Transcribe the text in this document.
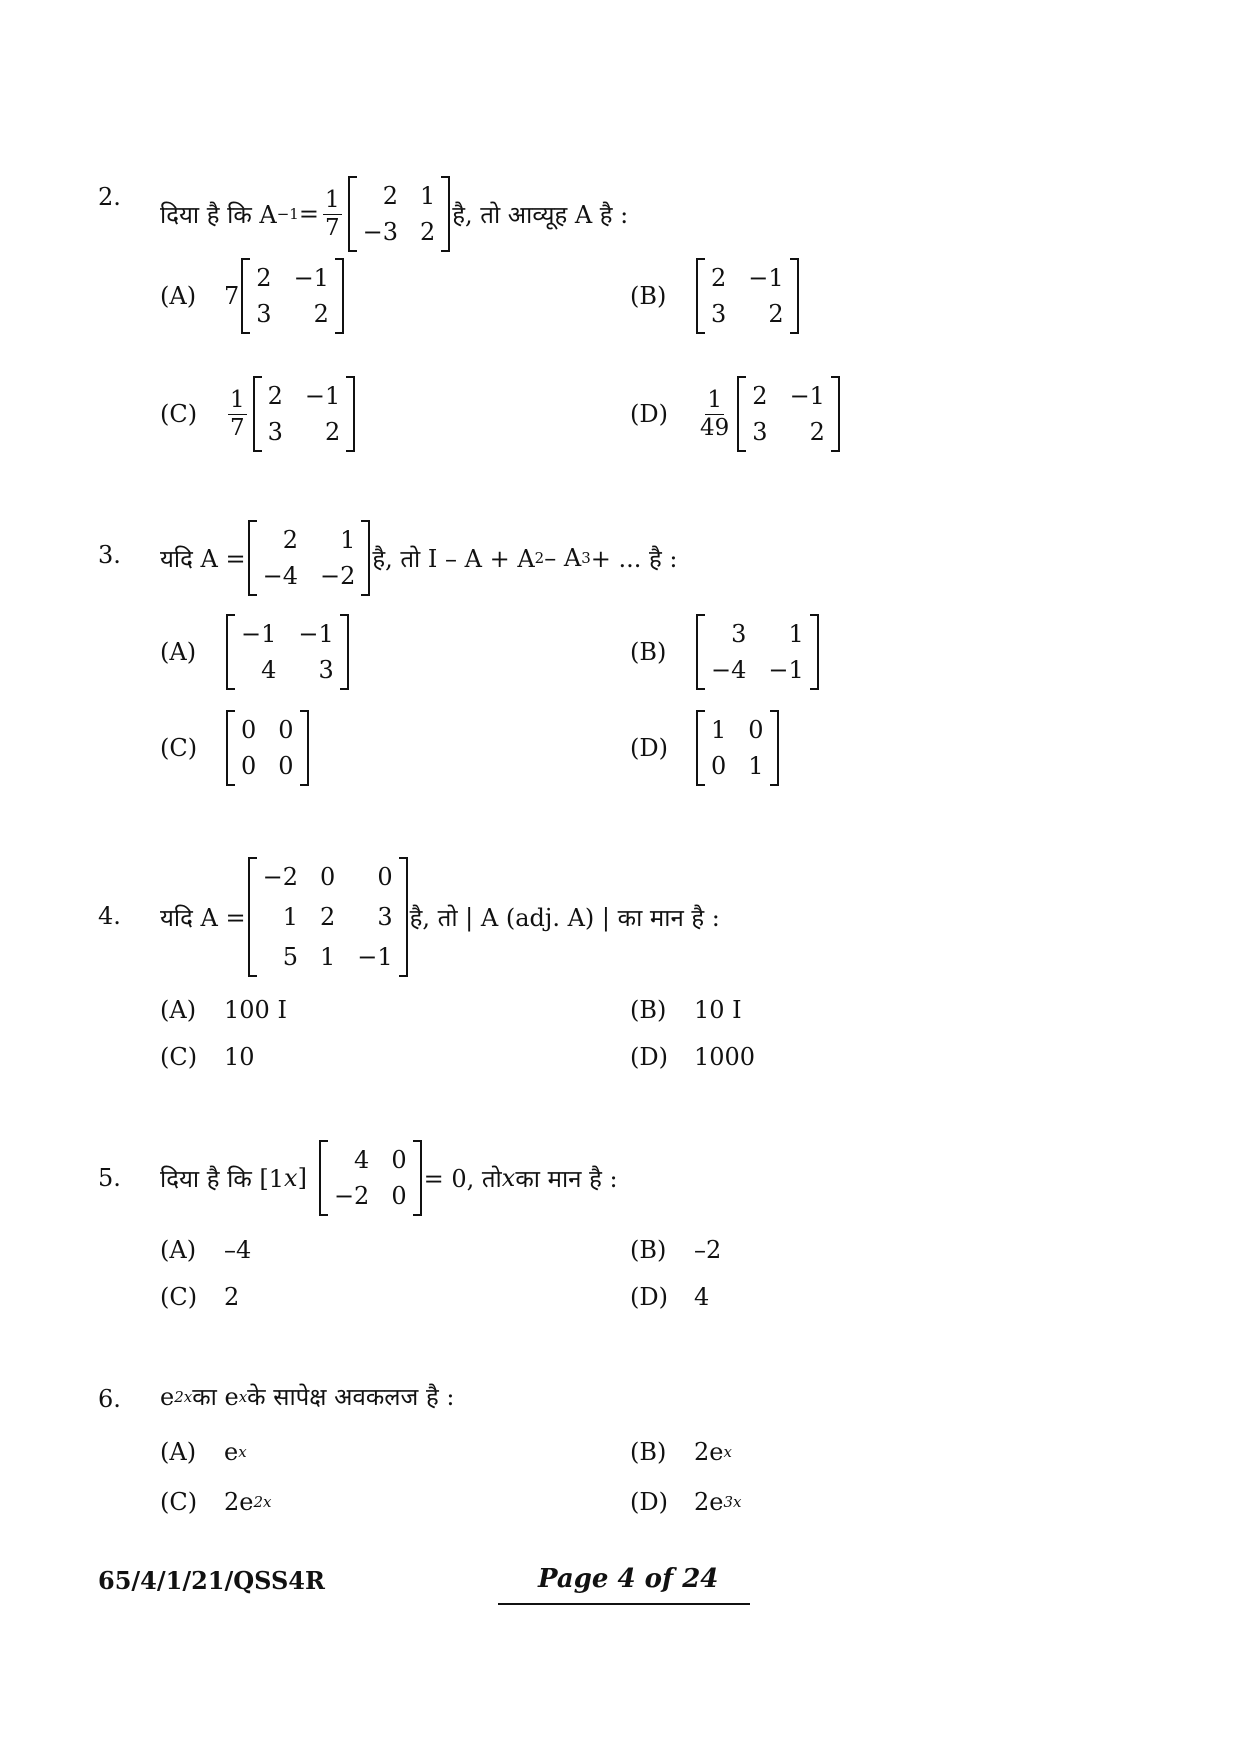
2.
दिया है कि $A -1 = \frac{1}{7}$	2 1
−3 2
है, तो आव्यूह A है :
(A)	7
2 −1
3	2
(B)
2 −1
3	2
(C)	$\frac{1}{7} 2 -1$
3	2
(D)	$\frac{1}{49} 2 -1$
3	2
3. यदि A =
2	1
−4 −2
है, तो I – A + A 2 – A 3 + ... है :
(A)
−1 −1
4	3
(B)
3	1
−4 −1
(C)
0 0
0 0
(D)
1 0
0 1
4. यदि A =
−2 0	0
1 2	3
5 1 −1
है, तो | A (adj. A) | का मान है :
(A)	100 I	(B)	10 I
(C)	10	(D)	1000
5. दिया है कि [1 x ]
4 0
−2 0
= 0, तो x का मान है :
(A)	–4	(B)	–2
(C)	2	(D)	4
6. e 2x का e x के सापेक्ष अवकलज है :
(A)	e x	(B)	2e x
(C)	2e 2x	(D)	2e 3x
65/4/1/21/QSS4R	Page 4 of 24
